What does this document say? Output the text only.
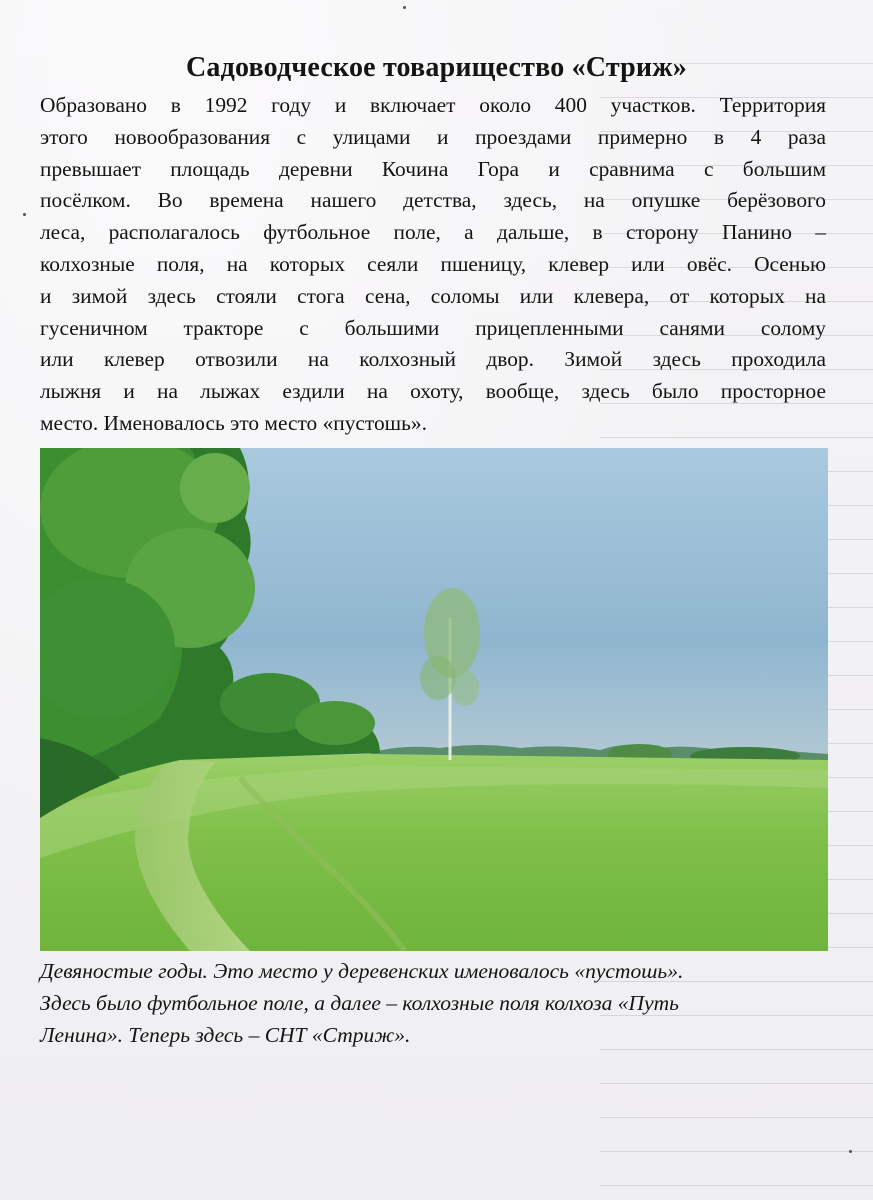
Садоводческое товарищество «Стриж»
Образовано в 1992 году и включает около 400 участков. Территория
этого новообразования с улицами и проездами примерно в 4 раза
превышает площадь деревни Кочина Гора и сравнима с большим
посёлком. Во времена нашего детства, здесь, на опушке берёзового
леса, располагалось футбольное поле, а дальше, в сторону Панино –
колхозные поля, на которых сеяли пшеницу, клевер или овёс. Осенью
и зимой здесь стояли стога сена, соломы или клевера, от которых на
гусеничном тракторе с большими прицепленными санями солому
или клевер отвозили на колхозный двор. Зимой здесь проходила
лыжня и на лыжах ездили на охоту, вообще, здесь было просторное
место. Именовалось это место «пустошь».
Девяностые годы. Это место у деревенских именовалось «пустошь».
Здесь было футбольное поле, а далее – колхозные поля колхоза «Путь
Ленина». Теперь здесь – СНТ «Стриж».
